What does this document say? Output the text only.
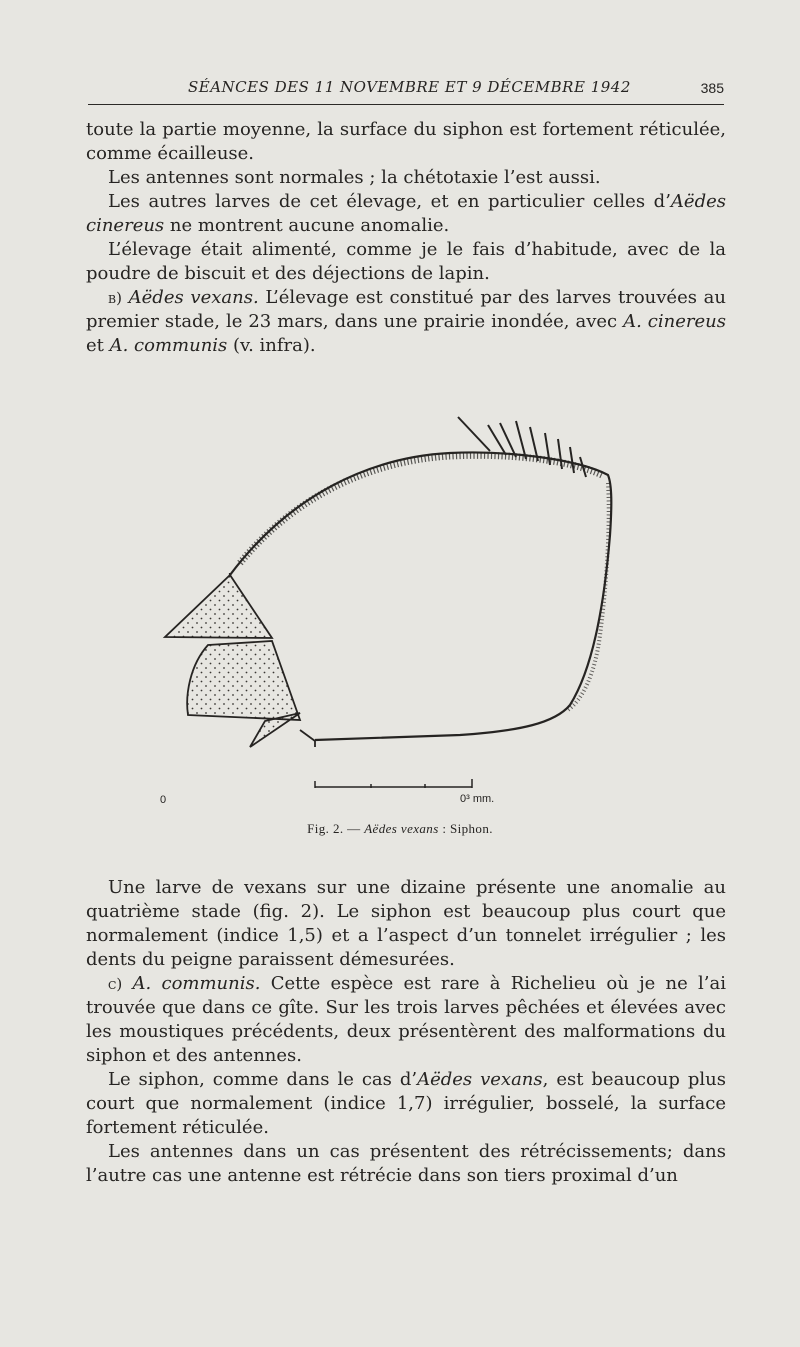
SÉANCES DES 11 NOVEMBRE ET 9 DÉCEMBRE 1942	385

toute la partie moyenne, la surface du siphon est fortement réticulée, comme écailleuse.

Les antennes sont normales ; la chétotaxie l’est aussi.

Les autres larves de cet élevage, et en particulier celles d’Aëdes cinereus ne montrent aucune anomalie.

L’élevage était alimenté, comme je le fais d’habitude, avec de la poudre de biscuit et des déjections de lapin.

b) Aëdes vexans. L’élevage est constitué par des larves trouvées au premier stade, le 23 mars, dans une prairie inondée, avec A. cinereus et A. communis (v. infra).

0	0³ mm.
Fig. 2. — Aëdes vexans : Siphon.

Une larve de vexans sur une dizaine présente une anomalie au quatrième stade (fig. 2). Le siphon est beaucoup plus court que normalement (indice 1,5) et a l’aspect d’un tonnelet irrégulier ; les dents du peigne paraissent démesurées.

c) A. communis. Cette espèce est rare à Richelieu où je ne l’ai trouvée que dans ce gîte. Sur les trois larves pêchées et élevées avec les moustiques précédents, deux présentèrent des malformations du siphon et des antennes.

Le siphon, comme dans le cas d’Aëdes vexans, est beaucoup plus court que normalement (indice 1,7) irrégulier, bosselé, la surface fortement réticulée.

Les antennes dans un cas présentent des rétrécissements; dans l’autre cas une antenne est rétrécie dans son tiers proximal d’un
